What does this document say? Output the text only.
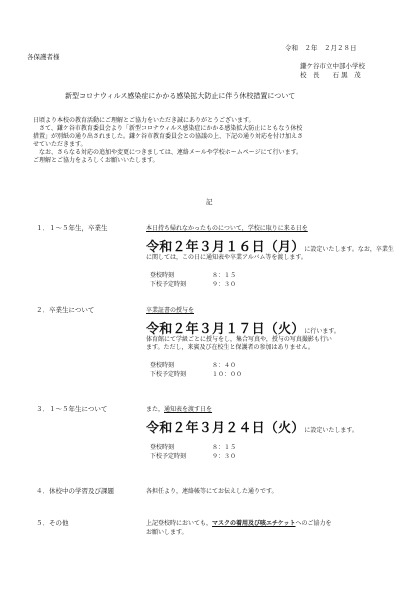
令和　２年　２月２８日
各保護者様
鎌ケ谷市立中部小学校
校　長　　石 黒　茂
新型コロナウィルス感染症にかかる感染拡大防止に伴う休校措置について

日頃より本校の教育活動にご理解とご協力をいただき誠にありがとうございます。

　さて、鎌ケ谷市教育委員会より「新型コロナウィルス感染症にかかる感染拡大防止にともなう休校

措置」が別紙の通り出されました。鎌ケ谷市教育委員会との協議の上、下記の通り対応を付け加えさ

せていただきます。

　なお、さらなる対応の追加や変更につきましては、連絡メールや学校ホームページにて行います。

ご理解とご協力をよろしくお願いいたします。

記
１．１～５年生，卒業生	本日持ち帰れなかったものについて，学校に取りに来る日を
令和２年３月１６日（月）に設定いたします。なお，卒業生
に関しては，この日に通知表や卒業アルバム等を渡します。
登校時刻	８：１５
下校予定時刻	９：３０
２．卒業生について	卒業証書の授与を
令和２年３月１７日（火）に行います。

体育館にて学級ごとに授与をし，集合写真や，授与の写真撮影も行い

ます。ただし，来賓及び在校生と保護者の参加はありません。

登校時刻	８：４０
下校予定時刻	１０：００
３．１～５年生について	また，通知表を渡す日を
令和２年３月２４日（火）に設定いたします。
登校時刻	８：１５
下校予定時刻	９：３０
４．休校中の学習及び課題	各担任より，連絡帳等にてお伝えした通りです。
５．その他	上記登校時においても，マスクの着用及び咳エチケットへのご協力を
お願いします。
